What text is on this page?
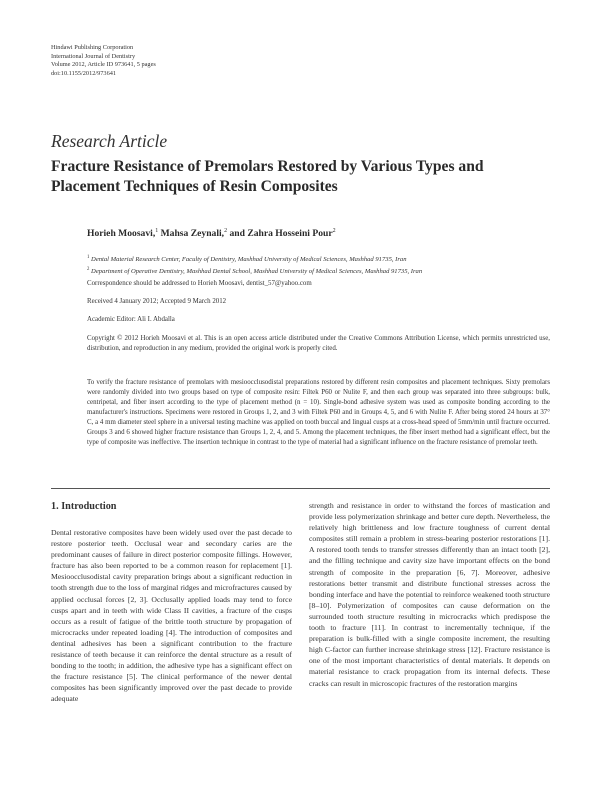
Hindawi Publishing Corporation
International Journal of Dentistry
Volume 2012, Article ID 973641, 5 pages
doi:10.1155/2012/973641
Research Article
Fracture Resistance of Premolars Restored by Various Types and
Placement Techniques of Resin Composites
Horieh Moosavi,$^1$ Mahsa Zeynali,$^2$ and Zahra Hosseini Pour$^2$
$^1$ Dental Material Research Center, Faculty of Dentistry, Mashhad University of Medical Sciences, Mashhad 91735, Iran
$^2$ Department of Operative Dentistry, Mashhad Dental School, Mashhad University of Medical Sciences, Mashhad 91735, Iran
Correspondence should be addressed to Horieh Moosavi, dentist_57@yahoo.com
Received 4 January 2012; Accepted 9 March 2012
Academic Editor: Ali I. Abdalla
Copyright © 2012 Horieh Moosavi et al. This is an open access article distributed under the Creative Commons Attribution License, which permits unrestricted use, distribution, and reproduction in any medium, provided the original work is properly cited.
To verify the fracture resistance of premolars with mesioocclusodistal preparations restored by different resin composites and placement techniques. Sixty premolars were randomly divided into two groups based on type of composite resin: Filtek P60 or Nulite F, and then each group was separated into three subgroups: bulk, centripetal, and fiber insert according to the type of placement method (n = 10). Single-bond adhesive system was used as composite bonding according to the manufacturer's instructions. Specimens were restored in Groups 1, 2, and 3 with Filtek P60 and in Groups 4, 5, and 6 with Nulite F. After being stored 24 hours at 37° C, a 4 mm diameter steel sphere in a universal testing machine was applied on tooth buccal and lingual cusps at a cross-head speed of 5mm/min until fracture occurred. Groups 3 and 6 showed higher fracture resistance than Groups 1, 2, 4, and 5. Among the placement techniques, the fiber insert method had a significant effect, but the type of composite was ineffective. The insertion technique in contrast to the type of material had a significant influence on the fracture resistance of premolar teeth.
1. Introduction

Dental restorative composites have been widely used over the past decade to restore posterior teeth. Occlusal wear and secondary caries are the predominant causes of failure in direct posterior composite fillings. However, fracture has also been reported to be a common reason for replacement [1]. Mesioocclusodistal cavity preparation brings about a significant reduction in tooth strength due to the loss of marginal ridges and microfractures caused by applied occlusal forces [2, 3]. Occlusally applied loads may tend to force cusps apart and in teeth with wide Class II cavities, a fracture of the cusps occurs as a result of fatigue of the brittle tooth structure by propagation of microcracks under repeated loading [4]. The introduction of composites and dentinal adhesives has been a significant contribution to the fracture resistance of teeth because it can reinforce the dental structure as a result of bonding to the tooth; in addition, the adhesive type has a significant effect on the fracture resistance [5]. The clinical performance of the newer dental composites has been significantly improved over the past decade to provide adequate

strength and resistance in order to withstand the forces of mastication and provide less polymerization shrinkage and better cure depth. Nevertheless, the relatively high brittleness and low fracture toughness of current dental composites still remain a problem in stress-bearing posterior restorations [1]. A restored tooth tends to transfer stresses differently than an intact tooth [2], and the filling technique and cavity size have important effects on the bond strength of composite in the preparation [6, 7]. Moreover, adhesive restorations better transmit and distribute functional stresses across the bonding interface and have the potential to reinforce weakened tooth structure [8–10]. Polymerization of composites can cause deformation on the surrounded tooth structure resulting in microcracks which predispose the tooth to fracture [11]. In contrast to incrementally technique, if the preparation is bulk-filled with a single composite increment, the resulting high C-factor can further increase shrinkage stress [12]. Fracture resistance is one of the most important characteristics of dental materials. It depends on material resistance to crack propagation from its internal defects. These cracks can result in microscopic fractures of the restoration margins
